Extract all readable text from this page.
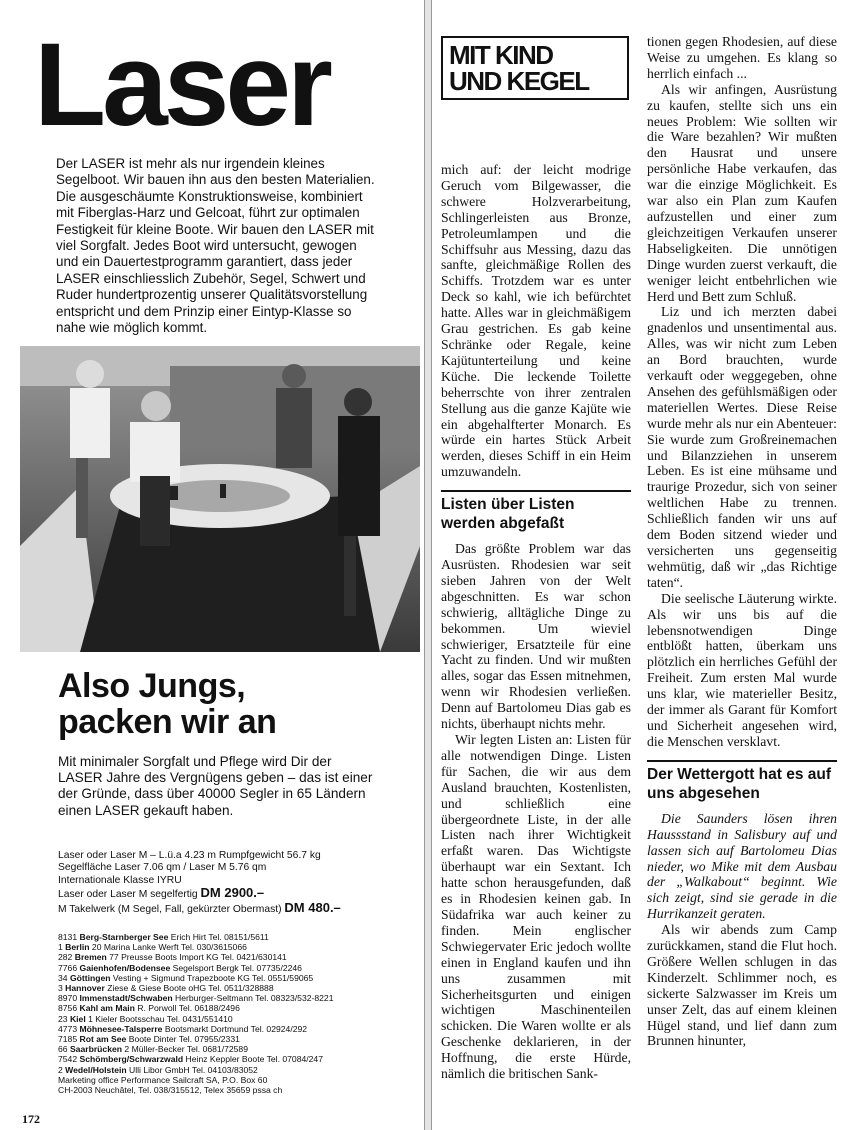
Laser
Der LASER ist mehr als nur irgendein kleines Segelboot. Wir bauen ihn aus den besten Materialien. Die ausgeschäumte Konstruktionsweise, kombiniert mit Fiberglas-Harz und Gelcoat, führt zur optimalen Festigkeit für kleine Boote. Wir bauen den LASER mit viel Sorgfalt. Jedes Boot wird untersucht, gewogen und ein Dauertestprogramm garantiert, dass jeder LASER einschliesslich Zubehör, Segel, Schwert und Ruder hundertprozentig unserer Qualitätsvorstellung entspricht und dem Prinzip einer Eintyp-Klasse so nahe wie möglich kommt.
Also Jungs,
packen wir an
Mit minimaler Sorgfalt und Pflege wird Dir der LASER Jahre des Vergnügens geben – das ist einer der Gründe, dass über 40000 Segler in 65 Ländern einen LASER gekauft haben.
Laser oder Laser M – L.ü.a 4.23 m Rumpfgewicht 56.7 kg
Segelfläche Laser 7.06 qm / Laser M 5.76 qm
Internationale Klasse IYRU
Laser oder Laser M segelfertig DM 2900.–
M Takelwerk (M Segel, Fall, gekürzter Obermast) DM 480.–
8131 Berg-Starnberger See Erich Hirt Tel. 08151/5611
1 Berlin 20 Marina Lanke Werft Tel. 030/3615066
282 Bremen 77 Preusse Boots Import KG Tel. 0421/630141
7766 Gaienhofen/Bodensee Segelsport Bergk Tel. 07735/2246
34 Göttingen Vesting + Sigmund Trapezboote KG Tel. 0551/59065
3 Hannover Ziese & Giese Boote oHG Tel. 0511/328888
8970 Immenstadt/Schwaben Herburger-Seltmann Tel. 08323/532-8221
8756 Kahl am Main R. Porwoll Tel. 06188/2496
23 Kiel 1 Kieler Bootsschau Tel. 0431/551410
4773 Möhnesee-Talsperre Bootsmarkt Dortmund Tel. 02924/292
7185 Rot am See Boote Dinter Tel. 07955/2331
66 Saarbrücken 2 Müller-Becker Tel. 0681/72589
7542 Schömberg/Schwarzwald Heinz Keppler Boote Tel. 07084/247
2 Wedel/Holstein Ulli Libor GmbH Tel. 04103/83052
Marketing office Performance Sailcraft SA, P.O. Box 60
CH-2003 Neuchâtel, Tel. 038/315512, Telex 35659 pssa ch
172
MIT KIND
UND KEGEL

mich auf: der leicht modrige Geruch vom Bilgewasser, die schwere Holzverarbeitung, Schlingerleisten aus Bronze, Petroleumlampen und die Schiffsuhr aus Messing, dazu das sanfte, gleichmäßige Rollen des Schiffs. Trotzdem war es unter Deck so kahl, wie ich befürchtet hatte. Alles war in gleichmäßigem Grau gestrichen. Es gab keine Schränke oder Regale, keine Kajütunterteilung und keine Küche. Die leckende Toilette beherrschte von ihrer zentralen Stellung aus die ganze Kajüte wie ein abgehalfterter Monarch. Es würde ein hartes Stück Arbeit werden, dieses Schiff in ein Heim umzuwandeln.

Listen über Listen werden abgefaßt

Das größte Problem war das Ausrüsten. Rhodesien war seit sieben Jahren von der Welt abgeschnitten. Es war schon schwierig, alltägliche Dinge zu bekommen. Um wieviel schwieriger, Ersatzteile für eine Yacht zu finden. Und wir mußten alles, sogar das Essen mitnehmen, wenn wir Rhodesien verließen. Denn auf Bartolomeu Dias gab es nichts, überhaupt nichts mehr.

Wir legten Listen an: Listen für alle notwendigen Dinge. Listen für Sachen, die wir aus dem Ausland brauchten, Kostenlisten, und schließlich eine übergeordnete Liste, in der alle Listen nach ihrer Wichtigkeit erfaßt waren. Das Wichtigste überhaupt war ein Sextant. Ich hatte schon herausgefunden, daß es in Rhodesien keinen gab. In Südafrika war auch keiner zu finden. Mein englischer Schwiegervater Eric jedoch wollte einen in England kaufen und ihn uns zusammen mit Sicherheitsgurten und einigen wichtigen Maschinenteilen schicken. Die Waren wollte er als Geschenke deklarieren, in der Hoffnung, die erste Hürde, nämlich die britischen Sank-

tionen gegen Rhodesien, auf diese Weise zu umgehen. Es klang so herrlich einfach ...

Als wir anfingen, Ausrüstung zu kaufen, stellte sich uns ein neues Problem: Wie sollten wir die Ware bezahlen? Wir mußten den Hausrat und unsere persönliche Habe verkaufen, das war die einzige Möglichkeit. Es war also ein Plan zum Kaufen aufzustellen und einer zum gleichzeitigen Verkaufen unserer Habseligkeiten. Die unnötigen Dinge wurden zuerst verkauft, die weniger leicht entbehrlichen wie Herd und Bett zum Schluß.

Liz und ich merzten dabei gnadenlos und unsentimental aus. Alles, was wir nicht zum Leben an Bord brauchten, wurde verkauft oder weggegeben, ohne Ansehen des gefühlsmäßigen oder materiellen Wertes. Diese Reise wurde mehr als nur ein Abenteuer: Sie wurde zum Großreinemachen und Bilanzziehen in unserem Leben. Es ist eine mühsame und traurige Prozedur, sich von seiner weltlichen Habe zu trennen. Schließlich fanden wir uns auf dem Boden sitzend wieder und versicherten uns gegenseitig wehmütig, daß wir „das Richtige taten“.

Die seelische Läuterung wirkte. Als wir uns bis auf die lebensnotwendigen Dinge entblößt hatten, überkam uns plötzlich ein herrliches Gefühl der Freiheit. Zum ersten Mal wurde uns klar, wie materieller Besitz, der immer als Garant für Komfort und Sicherheit angesehen wird, die Menschen versklavt.

Der Wettergott hat es auf uns abgesehen

Die Saunders lösen ihren Haussstand in Salisbury auf und lassen sich auf Bartolomeu Dias nieder, wo Mike mit dem Ausbau der „Walkabout“ beginnt. Wie sich zeigt, sind sie gerade in die Hurrikanzeit geraten.

Als wir abends zum Camp zurückkamen, stand die Flut hoch. Größere Wellen schlugen in das Kinderzelt. Schlimmer noch, es sickerte Salzwasser im Kreis um unser Zelt, das auf einem kleinen Hügel stand, und lief dann zum Brunnen hinunter,
